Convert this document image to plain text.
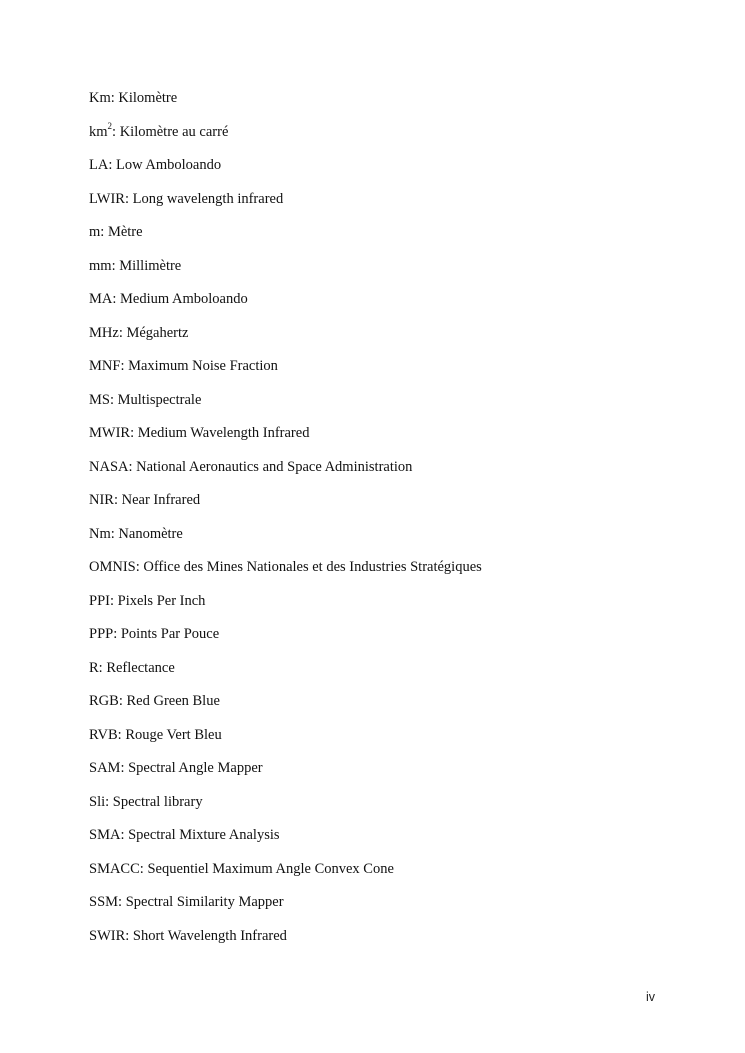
Km: Kilomètre
$km^2$: Kilomètre au carré
LA: Low Amboloando
LWIR: Long wavelength infrared
m: Mètre
mm: Millimètre
MA: Medium Amboloando
MHz: Mégahertz
MNF: Maximum Noise Fraction
MS: Multispectrale
MWIR: Medium Wavelength Infrared
NASA: National Aeronautics and Space Administration
NIR: Near Infrared
Nm: Nanomètre
OMNIS: Office des Mines Nationales et des Industries Stratégiques
PPI: Pixels Per Inch
PPP: Points Par Pouce
R: Reflectance
RGB: Red Green Blue
RVB: Rouge Vert Bleu
SAM: Spectral Angle Mapper
Sli: Spectral library
SMA: Spectral Mixture Analysis
SMACC: Sequentiel Maximum Angle Convex Cone
SSM: Spectral Similarity Mapper
SWIR: Short Wavelength Infrared
iv
